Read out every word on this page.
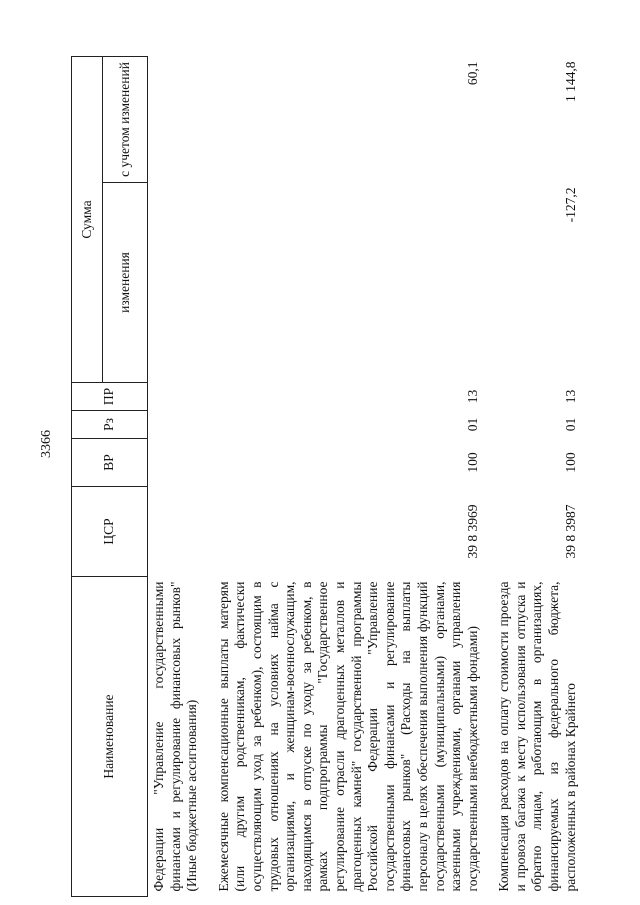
3366
Наименование	ЦСР	ВР	Рз	ПР	Сумма	
					изменения	с учетом изменений
Федерации "Управление государственными финансами и регулирование финансовых рынков" (Иные бюджетные ассигнования)						

Ежемесячные компенсационные выплаты матерям (или другим родственникам, фактически осуществляющим уход за ребенком), состоящим в трудовых отношениях на условиях найма с организациями, и женщинам-военнослужащим, находящимся в отпуске по уходу за ребенком, в рамках подпрограммы "Государственное регулирование отрасли драгоценных металлов и драгоценных камней" государственной программы Российской Федерации "Управление государственными финансами и регулирование финансовых рынков" (Расходы на выплаты персоналу в целях обеспечения выполнения функций государственными (муниципальными) органами, казенными учреждениями, органами управления государственными внебюджетными фондами)	39 8 3969	100	01	13		60,1

Компенсация расходов на оплату стоимости проезда и провоза багажа к месту использования отпуска и обратно лицам, работающим в организациях, финансируемых из федерального бюджета, расположенных в районах Крайнего	39 8 3987	100	01	13	-127,2	1 144,8
